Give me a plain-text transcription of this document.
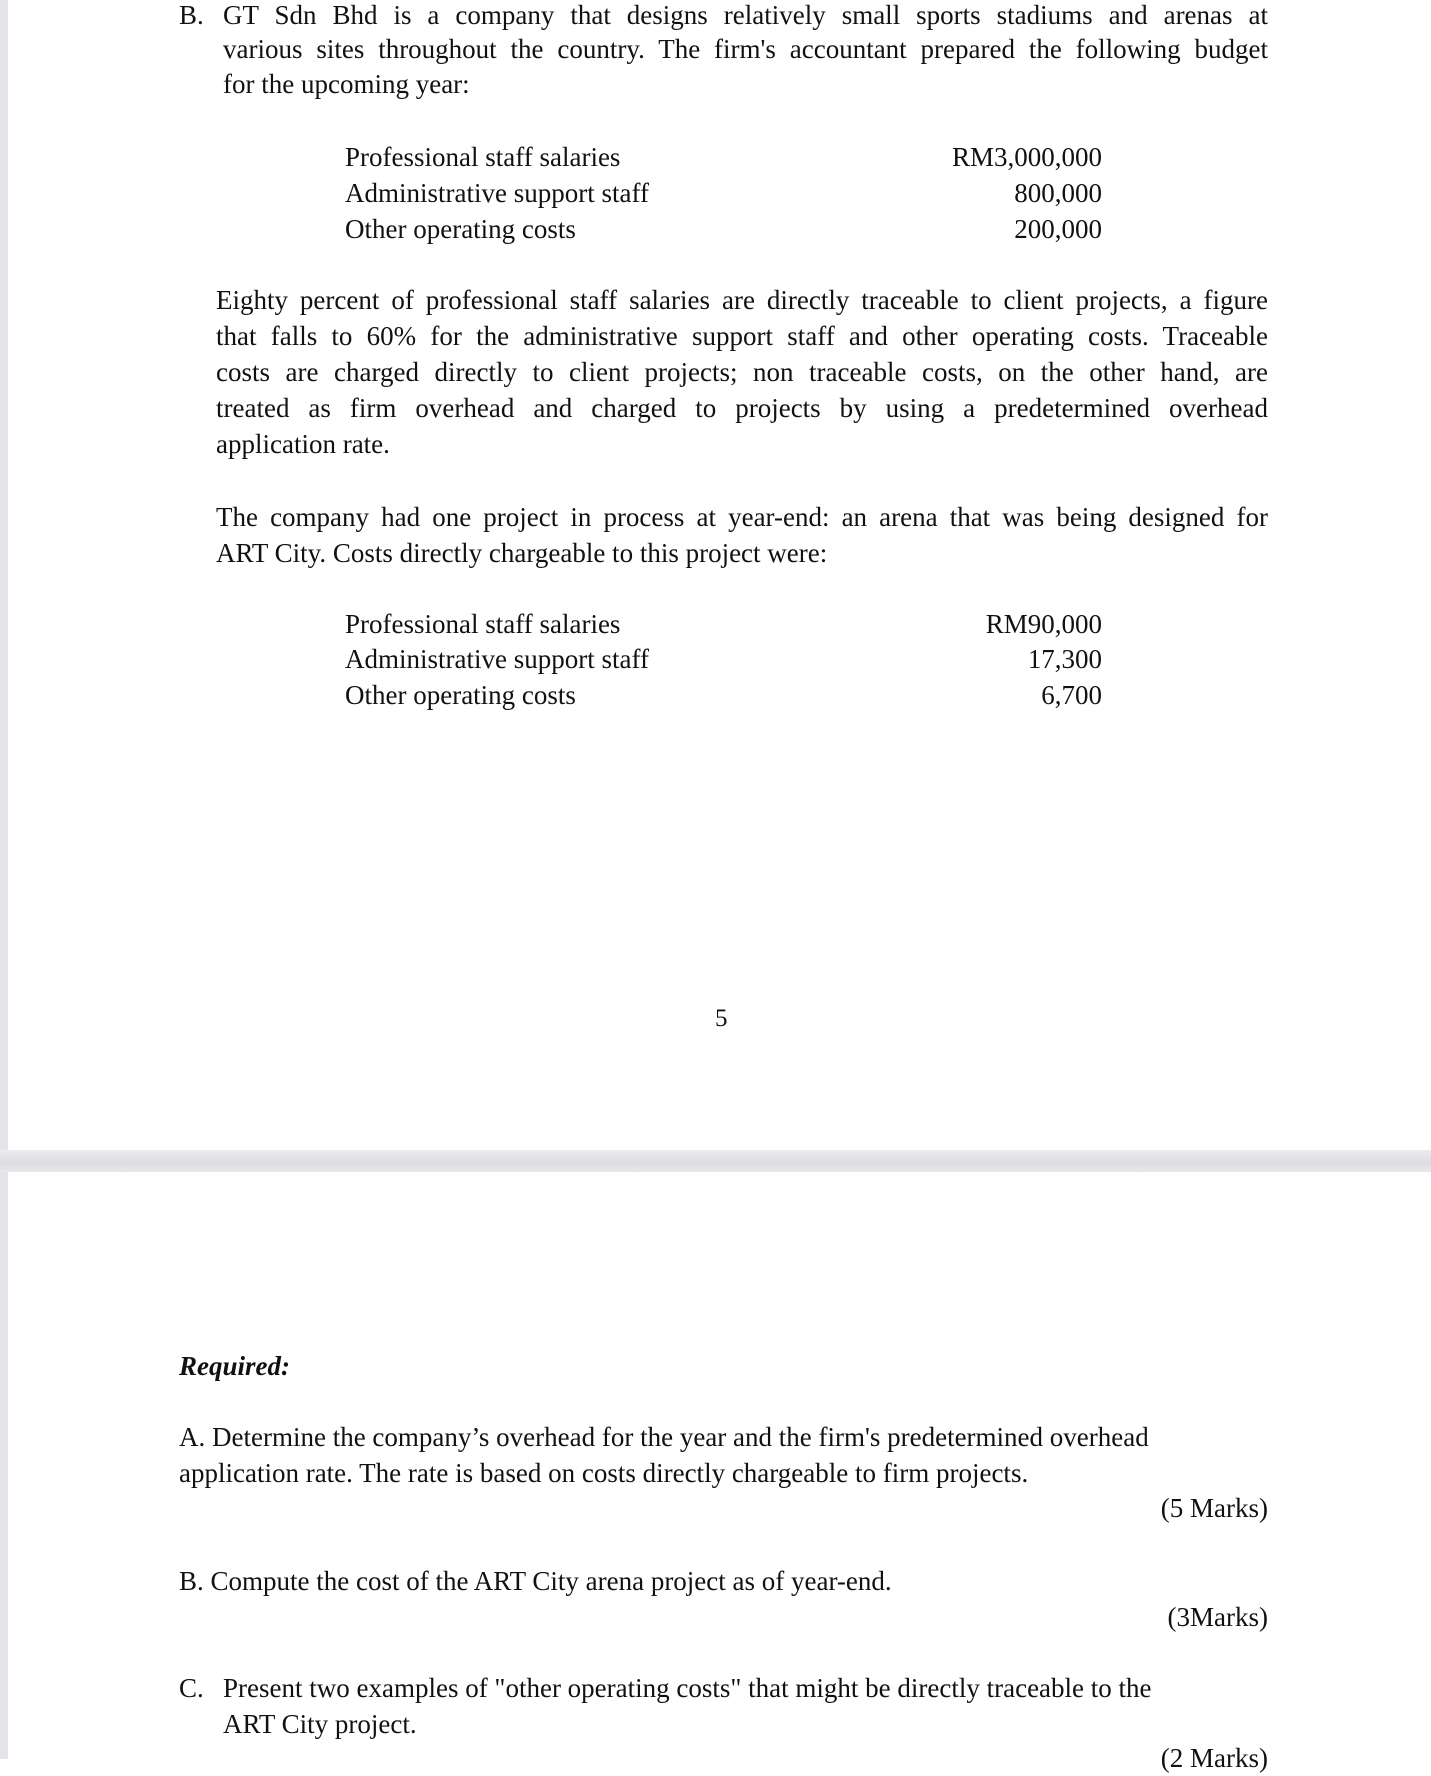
B. GT Sdn Bhd is a company that designs relatively small sports stadiums and arenas at
various sites throughout the country. The firm's accountant prepared the following budget
for the upcoming year:
Professional staff salaries	RM3,000,000
Administrative support staff	800,000
Other operating costs	200,000
Eighty percent of professional staff salaries are directly traceable to client projects, a figure
that falls to 60% for the administrative support staff and other operating costs. Traceable
costs are charged directly to client projects; non traceable costs, on the other hand, are
treated as firm overhead and charged to projects by using a predetermined overhead
application rate.
The company had one project in process at year-end: an arena that was being designed for
ART City. Costs directly chargeable to this project were:
Professional staff salaries	RM90,000
Administrative support staff	17,300
Other operating costs	6,700
5
Required:
A. Determine the company’s overhead for the year and the firm's predetermined overhead
application rate. The rate is based on costs directly chargeable to firm projects.
(5 Marks)
B. Compute the cost of the ART City arena project as of year-end.
(3Marks)
C. Present two examples of "other operating costs" that might be directly traceable to the
ART City project.
(2 Marks)
